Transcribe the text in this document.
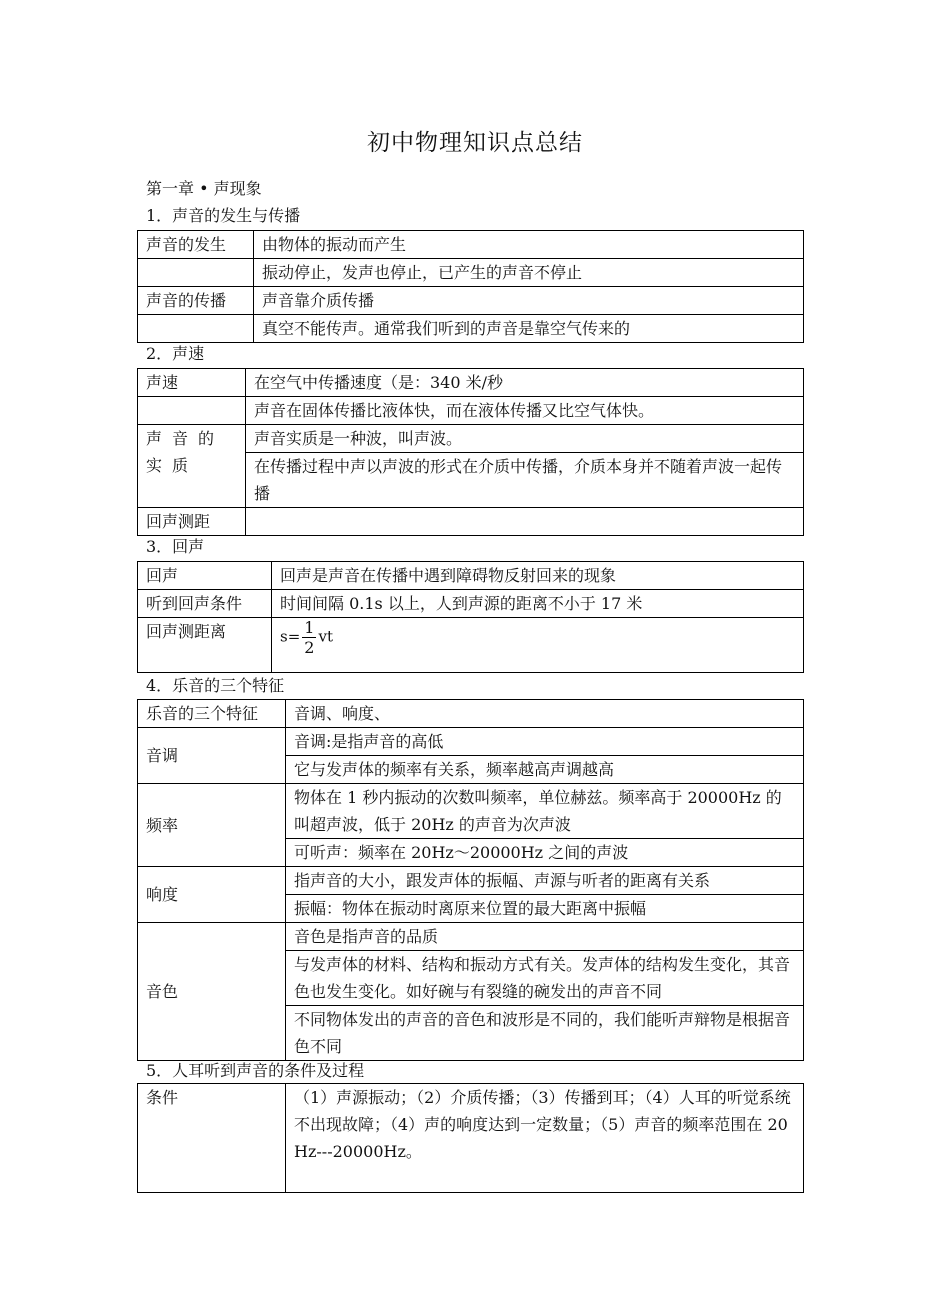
初中物理知识点总结
第一章 • 声现象
1．声音的发生与传播
声音的发生	由物体的振动而产生
	振动停止，发声也停止，已产生的声音不停止
声音的传播	声音靠介质传播
	真空不能传声。通常我们听到的声音是靠空气传来的
2．声速
声速	在空气中传播速度（是：340 米/秒
	声音在固体传播比液体快，而在液体传播又比空气体快。
声音的实质	声音实质是一种波，叫声波。
	在传播过程中声以声波的形式在介质中传播，介质本身并不随着声波一起传播
回声测距	
3．回声
回声	回声是声音在传播中遇到障碍物反射回来的现象
听到回声条件	时间间隔 0.1s 以上，人到声源的距离不小于 17 米
回声测距离	$s= \frac{1}{2}$ vt
4．乐音的三个特征
乐音的三个特征	音调、响度、
音调	音调:是指声音的高低
	它与发声体的频率有关系，频率越高声调越高
频率	物体在 1 秒内振动的次数叫频率，单位赫兹。频率高于 20000Hz 的叫超声波，低于 20Hz 的声音为次声波
	可听声：频率在 20Hz～20000Hz 之间的声波
响度	指声音的大小，跟发声体的振幅、声源与听者的距离有关系
	振幅：物体在振动时离原来位置的最大距离中振幅
音色	音色是指声音的品质
	与发声体的材料、结构和振动方式有关。发声体的结构发生变化，其音色也发生变化。如好碗与有裂缝的碗发出的声音不同
	不同物体发出的声音的音色和波形是不同的，我们能听声辩物是根据音色不同
5．人耳听到声音的条件及过程
条件	（1）声源振动；（2）介质传播；（3）传播到耳；（4）人耳的听觉系统不出现故障；（4）声的响度达到一定数量；（5）声音的频率范围在 20Hz---20000Hz。
